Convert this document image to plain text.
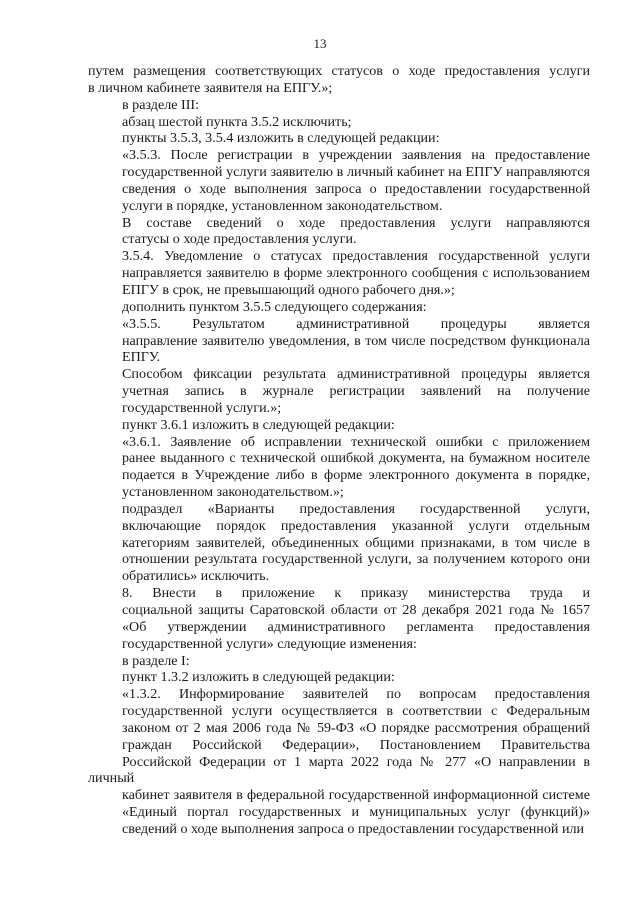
13
путем размещения соответствующих статусов о ходе предоставления услуги
в личном кабинете заявителя на ЕПГУ.»;
в разделе III:
абзац шестой пункта 3.5.2 исключить;
пункты 3.5.3, 3.5.4 изложить в следующей редакции:
«3.5.3. После регистрации в учреждении заявления на предоставление
государственной услуги заявителю в личный кабинет на ЕПГУ направляются
сведения о ходе выполнения запроса о предоставлении государственной
услуги в порядке, установленном законодательством.
В составе сведений о ходе предоставления услуги направляются
статусы о ходе предоставления услуги.
3.5.4. Уведомление о статусах предоставления государственной услуги
направляется заявителю в форме электронного сообщения с использованием
ЕПГУ в срок, не превышающий одного рабочего дня.»;
дополнить пунктом 3.5.5 следующего содержания:
«3.5.5. Результатом административной процедуры является
направление заявителю уведомления, в том числе посредством функционала
ЕПГУ.
Способом фиксации результата административной процедуры является
учетная запись в журнале регистрации заявлений на получение
государственной услуги.»;
пункт 3.6.1 изложить в следующей редакции:
«3.6.1. Заявление об исправлении технической ошибки с приложением
ранее выданного с технической ошибкой документа, на бумажном носителе
подается в Учреждение либо в форме электронного документа в порядке,
установленном законодательством.»;
подраздел «Варианты предоставления государственной услуги,
включающие порядок предоставления указанной услуги отдельным
категориям заявителей, объединенных общими признаками, в том числе в
отношении результата государственной услуги, за получением которого они
обратились» исключить.
8. Внести в приложение к приказу министерства труда и
социальной защиты Саратовской области от 28 декабря 2021 года № 1657
«Об утверждении административного регламента предоставления
государственной услуги» следующие изменения:
в разделе I:
пункт 1.3.2 изложить в следующей редакции:
«1.3.2. Информирование заявителей по вопросам предоставления
государственной услуги осуществляется в соответствии с Федеральным
законом от 2 мая 2006 года № 59-ФЗ «О порядке рассмотрения обращений
граждан Российской Федерации», Постановлением Правительства
Российской Федерации от 1 марта 2022 года № 277 «О направлении в личный
кабинет заявителя в федеральной государственной информационной системе
«Единый портал государственных и муниципальных услуг (функций)»
сведений о ходе выполнения запроса о предоставлении государственной или
